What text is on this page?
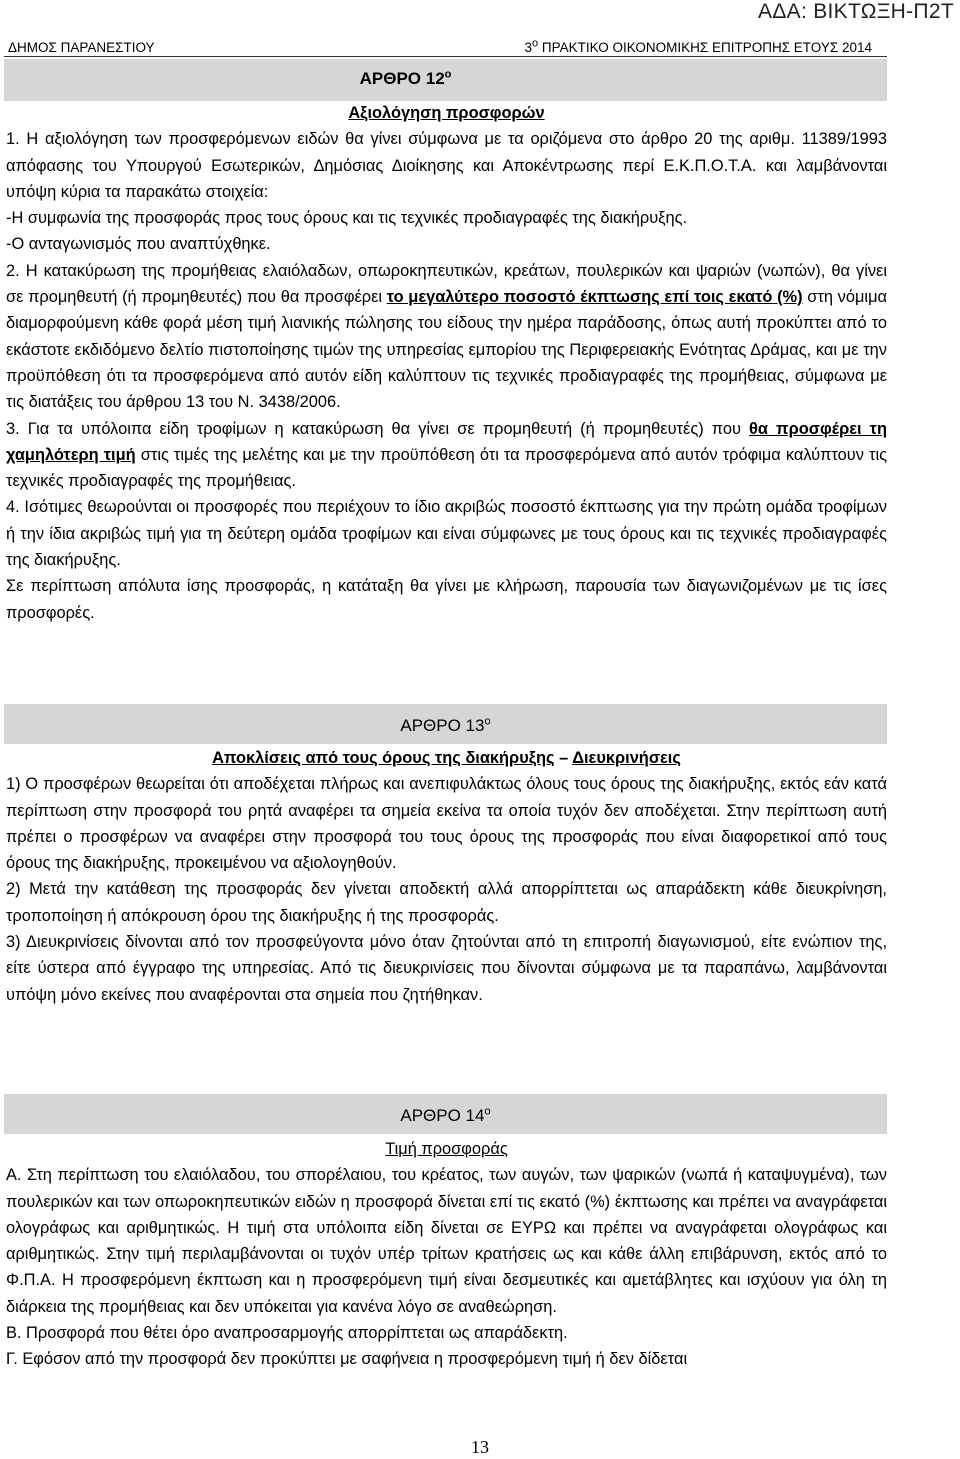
ΑΔΑ: ΒΙΚΤΩΞΗ-Π2Τ
ΔΗΜΟΣ ΠΑΡΑΝΕΣΤΙΟΥ	$3^o$ ΠΡΑΚΤΙΚΟ ΟΙΚΟΝΟΜΙΚΗΣ ΕΠΙΤΡΟΠΗΣ ΕΤΟΥΣ 2014
ΑΡΘΡΟ $12^o$

Αξιολόγηση προσφορών

1. Η αξιολόγηση των προσφερόμενων ειδών θα γίνει σύμφωνα με τα οριζόμενα στο άρθρο 20 της αριθμ. 11389/1993 απόφασης του Υπουργού Εσωτερικών, Δημόσιας Διοίκησης και Αποκέντρωσης περί Ε.Κ.Π.Ο.Τ.Α. και λαμβάνονται υπόψη κύρια τα παρακάτω στοιχεία:

-Η συμφωνία της προσφοράς προς τους όρους και τις τεχνικές προδιαγραφές της διακήρυξης.

-Ο ανταγωνισμός που αναπτύχθηκε.

2. Η κατακύρωση της προμήθειας ελαιόλαδων, οπωροκηπευτικών, κρεάτων, πουλερικών και ψαριών (νωπών), θα γίνει σε προμηθευτή (ή προμηθευτές) που θα προσφέρει το μεγαλύτερο ποσοστό έκπτωσης επί τοις εκατό (%) στη νόμιμα διαμορφούμενη κάθε φορά μέση τιμή λιανικής πώλησης του είδους την ημέρα παράδοσης, όπως αυτή προκύπτει από το εκάστοτε εκδιδόμενο δελτίο πιστοποίησης τιμών της υπηρεσίας εμπορίου της Περιφερειακής Ενότητας Δράμας, και με την προϋπόθεση ότι τα προσφερόμενα από αυτόν είδη καλύπτουν τις τεχνικές προδιαγραφές της προμήθειας, σύμφωνα με τις διατάξεις του άρθρου 13 του Ν. 3438/2006.

3. Για τα υπόλοιπα είδη τροφίμων η κατακύρωση θα γίνει σε προμηθευτή (ή προμηθευτές) που θα προσφέρει τη χαμηλότερη τιμή στις τιμές της μελέτης και με την προϋπόθεση ότι τα προσφερόμενα από αυτόν τρόφιμα καλύπτουν τις τεχνικές προδιαγραφές της προμήθειας.

4. Ισότιμες θεωρούνται οι προσφορές που περιέχουν το ίδιο ακριβώς ποσοστό έκπτωσης για την πρώτη ομάδα τροφίμων ή την ίδια ακριβώς τιμή για τη δεύτερη ομάδα τροφίμων και είναι σύμφωνες με τους όρους και τις τεχνικές προδιαγραφές της διακήρυξης.

Σε περίπτωση απόλυτα ίσης προσφοράς, η κατάταξη θα γίνει με κλήρωση, παρουσία των διαγωνιζομένων με τις ίσες προσφορές.

ΑΡΘΡΟ $13^o$

Αποκλίσεις από τους όρους της διακήρυξης – Διευκρινήσεις

1) Ο προσφέρων θεωρείται ότι αποδέχεται πλήρως και ανεπιφυλάκτως όλους τους όρους της διακήρυξης, εκτός εάν κατά περίπτωση στην προσφορά του ρητά αναφέρει τα σημεία εκείνα τα οποία τυχόν δεν αποδέχεται. Στην περίπτωση αυτή πρέπει ο προσφέρων να αναφέρει στην προσφορά του τους όρους της προσφοράς που είναι διαφορετικοί από τους όρους της διακήρυξης, προκειμένου να αξιολογηθούν.

2) Μετά την κατάθεση της προσφοράς δεν γίνεται αποδεκτή αλλά απορρίπτεται ως απαράδεκτη κάθε διευκρίνηση, τροποποίηση ή απόκρουση όρου της διακήρυξης ή της προσφοράς.

3) Διευκρινίσεις δίνονται από τον προσφεύγοντα μόνο όταν ζητούνται από τη επιτροπή διαγωνισμού, είτε ενώπιον της, είτε ύστερα από έγγραφο της υπηρεσίας. Από τις διευκρινίσεις που δίνονται σύμφωνα με τα παραπάνω, λαμβάνονται υπόψη μόνο εκείνες που αναφέρονται στα σημεία που ζητήθηκαν.

ΑΡΘΡΟ $14^o$

Τιμή προσφοράς

Α. Στη περίπτωση του ελαιόλαδου, του σπορέλαιου, του κρέατος, των αυγών, των ψαρικών (νωπά ή καταψυγμένα), των πουλερικών και των οπωροκηπευτικών ειδών η προσφορά δίνεται επί τις εκατό (%) έκπτωσης και πρέπει να αναγράφεται ολογράφως και αριθμητικώς. Η τιμή στα υπόλοιπα είδη δίνεται σε ΕΥΡΩ και πρέπει να αναγράφεται ολογράφως και αριθμητικώς. Στην τιμή περιλαμβάνονται οι τυχόν υπέρ τρίτων κρατήσεις ως και κάθε άλλη επιβάρυνση, εκτός από το Φ.Π.Α. Η προσφερόμενη έκπτωση και η προσφερόμενη τιμή είναι δεσμευτικές και αμετάβλητες και ισχύουν για όλη τη διάρκεια της προμήθειας και δεν υπόκειται για κανένα λόγο σε αναθεώρηση.

Β. Προσφορά που θέτει όρο αναπροσαρμογής απορρίπτεται ως απαράδεκτη.

Γ. Εφόσον από την προσφορά δεν προκύπτει με σαφήνεια η προσφερόμενη τιμή ή δεν δίδεται

13
